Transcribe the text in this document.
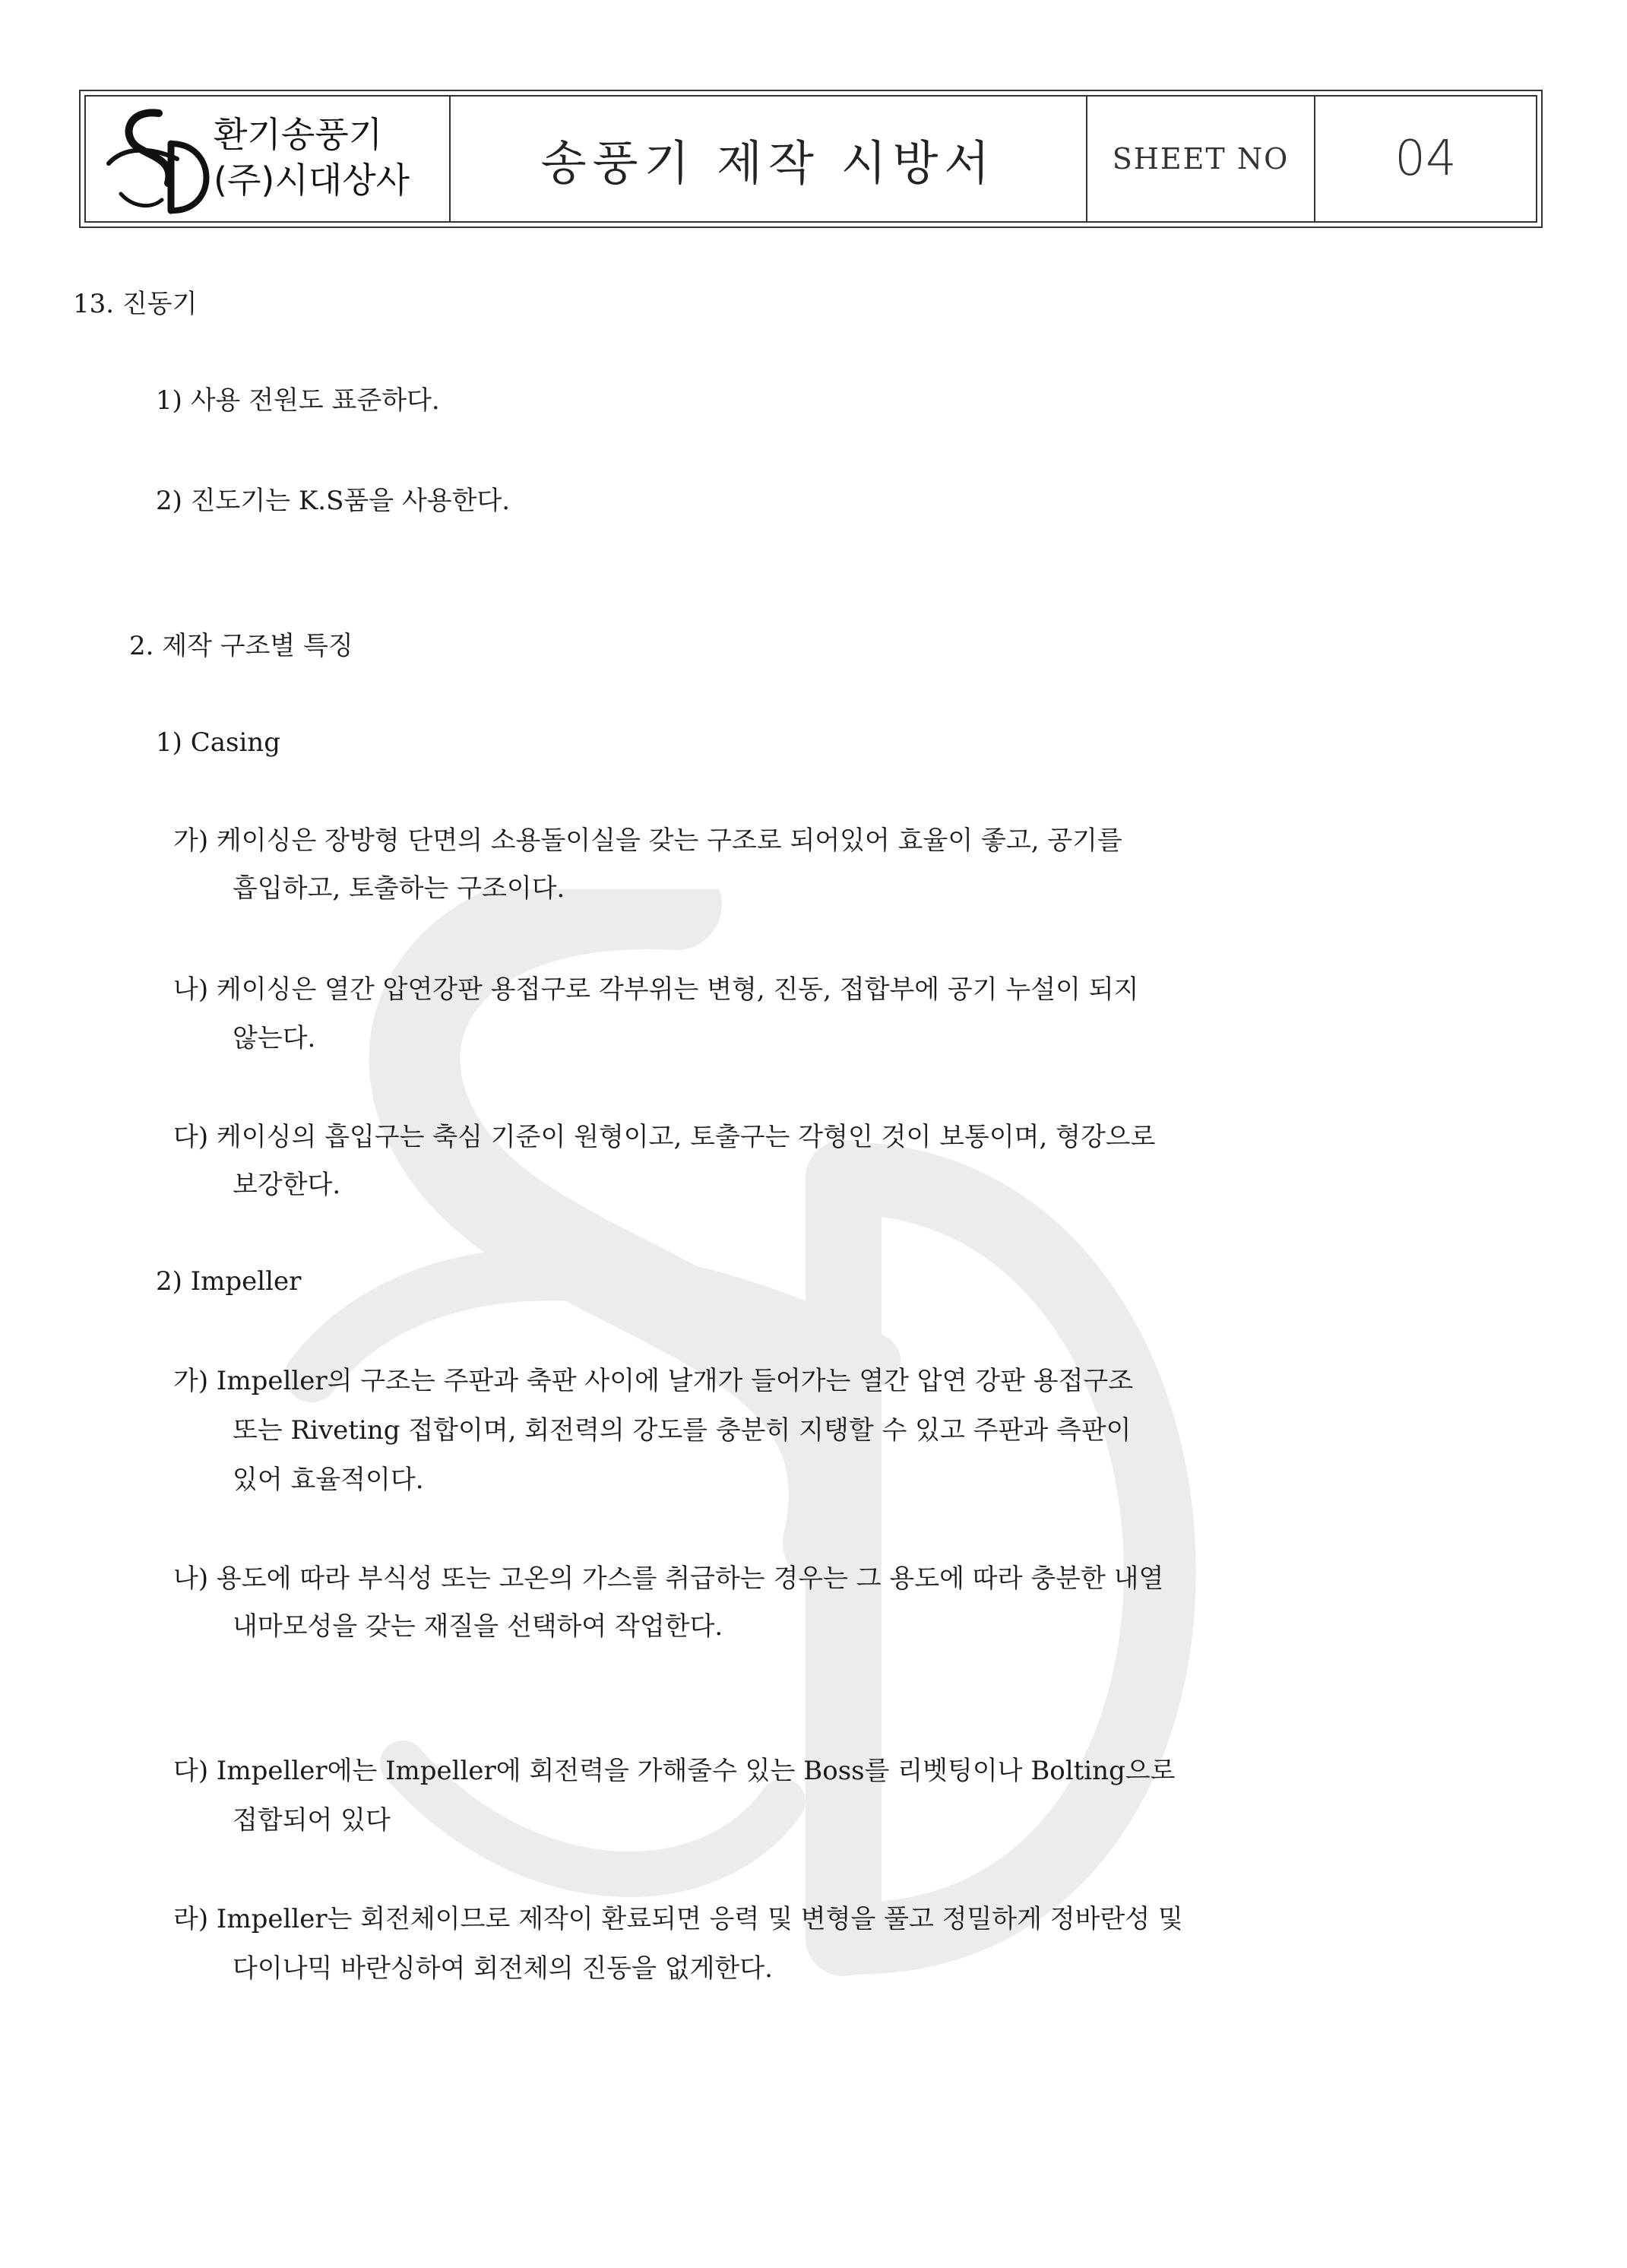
환기송풍기
(주)시대상사	송풍기 제작 시방서	SHEET NO 04
13. 진동기
1) 사용 전원도 표준하다.
2) 진도기는 K.S품을 사용한다.
2. 제작 구조별 특징
1) Casing
가) 케이싱은 장방형 단면의 소용돌이실을 갖는 구조로 되어있어 효율이 좋고, 공기를
흡입하고, 토출하는 구조이다.
나) 케이싱은 열간 압연강판 용접구로 각부위는 변형, 진동, 접합부에 공기 누설이 되지
않는다.
다) 케이싱의 흡입구는 축심 기준이 원형이고, 토출구는 각형인 것이 보통이며, 형강으로
보강한다.
2) Impeller
가) Impeller의 구조는 주판과 축판 사이에 날개가 들어가는 열간 압연 강판 용접구조
또는 Riveting 접합이며, 회전력의 강도를 충분히 지탱할 수 있고 주판과 측판이
있어 효율적이다.
나) 용도에 따라 부식성 또는 고온의 가스를 취급하는 경우는 그 용도에 따라 충분한 내열
내마모성을 갖는 재질을 선택하여 작업한다.
다) Impeller에는 Impeller에 회전력을 가해줄수 있는 Boss를 리벳팅이나 Bolting으로
접합되어 있다
라) Impeller는 회전체이므로 제작이 환료되면 응력 및 변형을 풀고 정밀하게 정바란성 및
다이나믹 바란싱하여 회전체의 진동을 없게한다.
